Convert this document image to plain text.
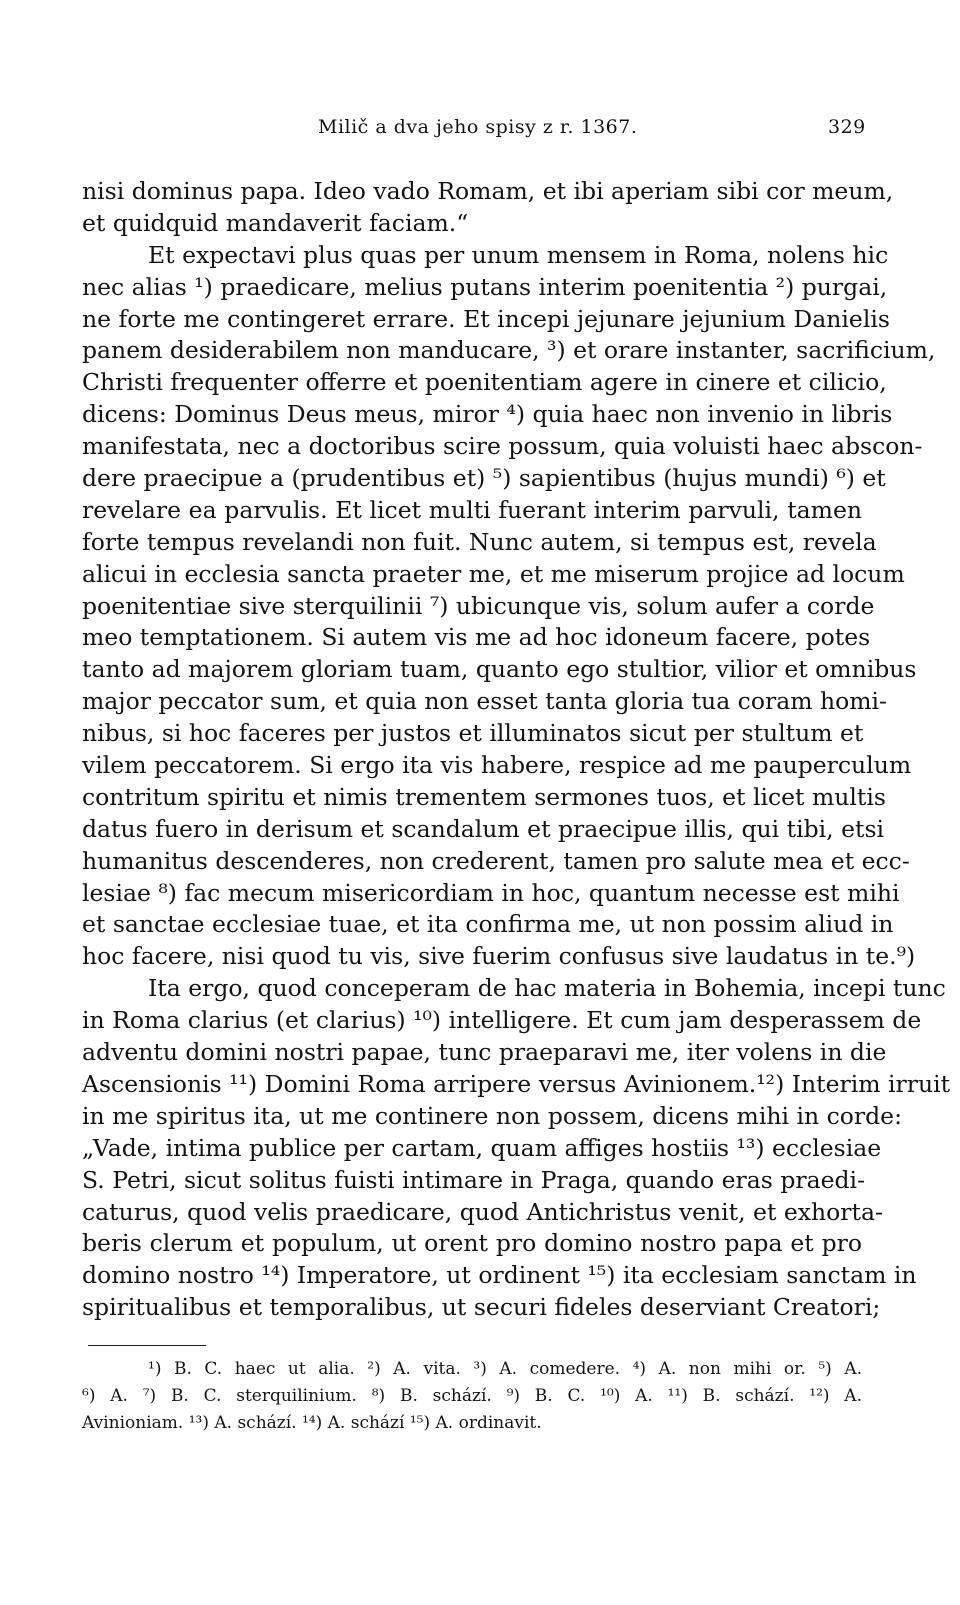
Milič a dva jeho spisy z r. 1367.	329
nisi dominus papa. Ideo vado Romam, et ibi aperiam sibi cor meum,
et quidquid mandaverit faciam.“
Et expectavi plus quas per unum mensem in Roma, nolens hic
nec alias ¹) praedicare, melius putans interim poenitentia ²) purgai,
ne forte me contingeret errare. Et incepi jejunare jejunium Danielis
panem desiderabilem non manducare, ³) et orare instanter, sacrificium,
Christi frequenter offerre et poenitentiam agere in cinere et cilicio,
dicens: Dominus Deus meus, miror ⁴) quia haec non invenio in libris
manifestata, nec a doctoribus scire possum, quia voluisti haec abscon-
dere praecipue a (prudentibus et) ⁵) sapientibus (hujus mundi) ⁶) et
revelare ea parvulis. Et licet multi fuerant interim parvuli, tamen
forte tempus revelandi non fuit. Nunc autem, si tempus est, revela
alicui in ecclesia sancta praeter me, et me miserum projice ad locum
poenitentiae sive sterquilinii ⁷) ubicunque vis, solum aufer a corde
meo temptationem. Si autem vis me ad hoc idoneum facere, potes
tanto ad majorem gloriam tuam, quanto ego stultior, vilior et omnibus
major peccator sum, et quia non esset tanta gloria tua coram homi-
nibus, si hoc faceres per justos et illuminatos sicut per stultum et
vilem peccatorem. Si ergo ita vis habere, respice ad me pauperculum
contritum spiritu et nimis trementem sermones tuos, et licet multis
datus fuero in derisum et scandalum et praecipue illis, qui tibi, etsi
humanitus descenderes, non crederent, tamen pro salute mea et ecc-
lesiae ⁸) fac mecum misericordiam in hoc, quantum necesse est mihi
et sanctae ecclesiae tuae, et ita confirma me, ut non possim aliud in
hoc facere, nisi quod tu vis, sive fuerim confusus sive laudatus in te.⁹)
Ita ergo, quod conceperam de hac materia in Bohemia, incepi tunc
in Roma clarius (et clarius) ¹⁰) intelligere. Et cum jam desperassem de
adventu domini nostri papae, tunc praeparavi me, iter volens in die
Ascensionis ¹¹) Domini Roma arripere versus Avinionem.¹²) Interim irruit
in me spiritus ita, ut me continere non possem, dicens mihi in corde:
„Vade, intima publice per cartam, quam affiges hostiis ¹³) ecclesiae
S. Petri, sicut solitus fuisti intimare in Praga, quando eras praedi-
caturus, quod velis praedicare, quod Antichristus venit, et exhorta-
beris clerum et populum, ut orent pro domino nostro papa et pro
domino nostro ¹⁴) Imperatore, ut ordinent ¹⁵) ita ecclesiam sanctam in
spiritualibus et temporalibus, ut securi fideles deserviant Creatori;
¹) B. C. haec ut alia. ²) A. vita. ³) A. comedere. ⁴) A. non mihi or. ⁵) A.
⁶) A. ⁷) B. C. sterquilinium. ⁸) B. schází. ⁹) B. C. ¹⁰) A. ¹¹) B. schází. ¹²) A.
Avinioniam. ¹³) A. schází. ¹⁴) A. schází ¹⁵) A. ordinavit.
